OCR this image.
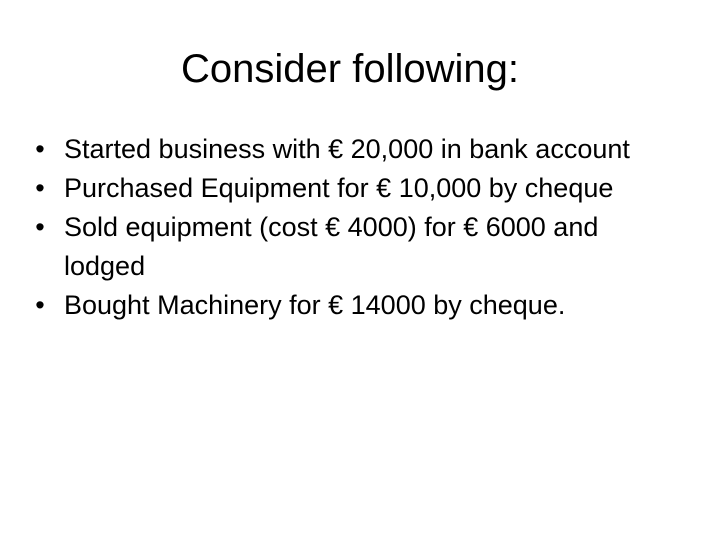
Consider following:
• Started business with € 20,000 in bank account
• Purchased Equipment for € 10,000 by cheque
• Sold equipment (cost € 4000) for € 6000 and lodged
• Bought Machinery for € 14000 by cheque.
